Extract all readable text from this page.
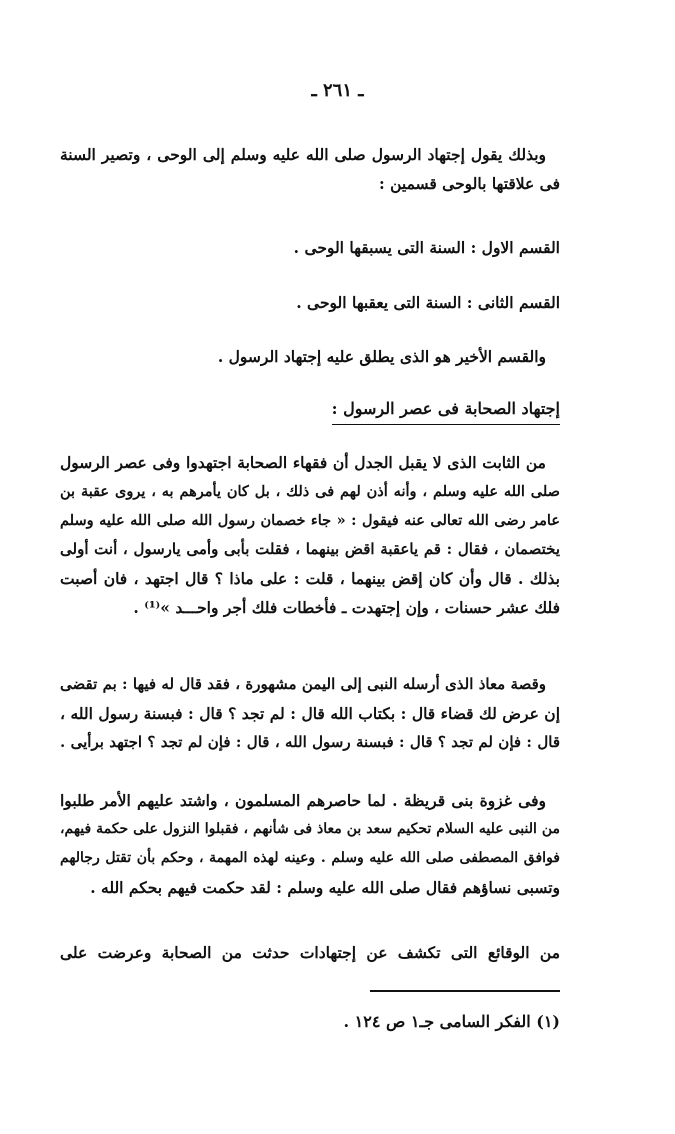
ـ ٢٦١ ـ
وبذلك يقول إجتهاد الرسول صلى الله عليه وسلم إلى الوحى ، وتصير السنة
فى علاقتها بالوحى قسمين :
القسم الاول : السنة التى يسبقها الوحى .
القسم الثانى : السنة التى يعقبها الوحى .
والقسم الأخير هو الذى يطلق عليه إجتهاد الرسول .
إجتهاد الصحابة فى عصر الرسول :
من الثابت الذى لا يقبل الجدل أن فقهاء الصحابة اجتهدوا وفى عصر الرسول
صلى الله عليه وسلم ، وأنه أذن لهم فى ذلك ، بل كان يأمرهم به ، يروى عقبة بن
عامر رضى الله تعالى عنه فيقول : « جاء خصمان رسول الله صلى الله عليه وسلم
يختصمان ، فقال : قم ياعقبة اقض بينهما ، فقلت بأبى وأمى يارسول ، أنت أولى
بذلك . قال وأن كان إقض بينهما ، قلت : على ماذا ؟ قال اجتهد ، فان أصبت
فلك عشر حسنات ، وإن إجتهدت ـ فأخطات فلك أجر واحـــد »⁽¹⁾ .
وقصة معاذ الذى أرسله النبى إلى اليمن مشهورة ، فقد قال له فيها : بم تقضى
إن عرض لك قضاء قال : بكتاب الله قال : لم تجد ؟ قال : فبسنة رسول الله ،
قال : فإن لم تجد ؟ قال : فبسنة رسول الله ، قال : فإن لم تجد ؟ اجتهد برأيى .
وفى غزوة بنى قريظة . لما حاصرهم المسلمون ، واشتد عليهم الأمر طلبوا
من النبى عليه السلام تحكيم سعد بن معاذ فى شأنهم ، فقبلوا النزول على حكمة فيهم،
فوافق المصطفى صلى الله عليه وسلم . وعينه لهذه المهمة ، وحكم بأن تقتل رجالهم
وتسبى نساؤهم فقال صلى الله عليه وسلم : لقد حكمت فيهم بحكم الله .
من الوقائع التى تكشف عن إجتهادات حدثت من الصحابة وعرضت على
(١) الفكر السامى جـ١ ص ١٢٤ .
